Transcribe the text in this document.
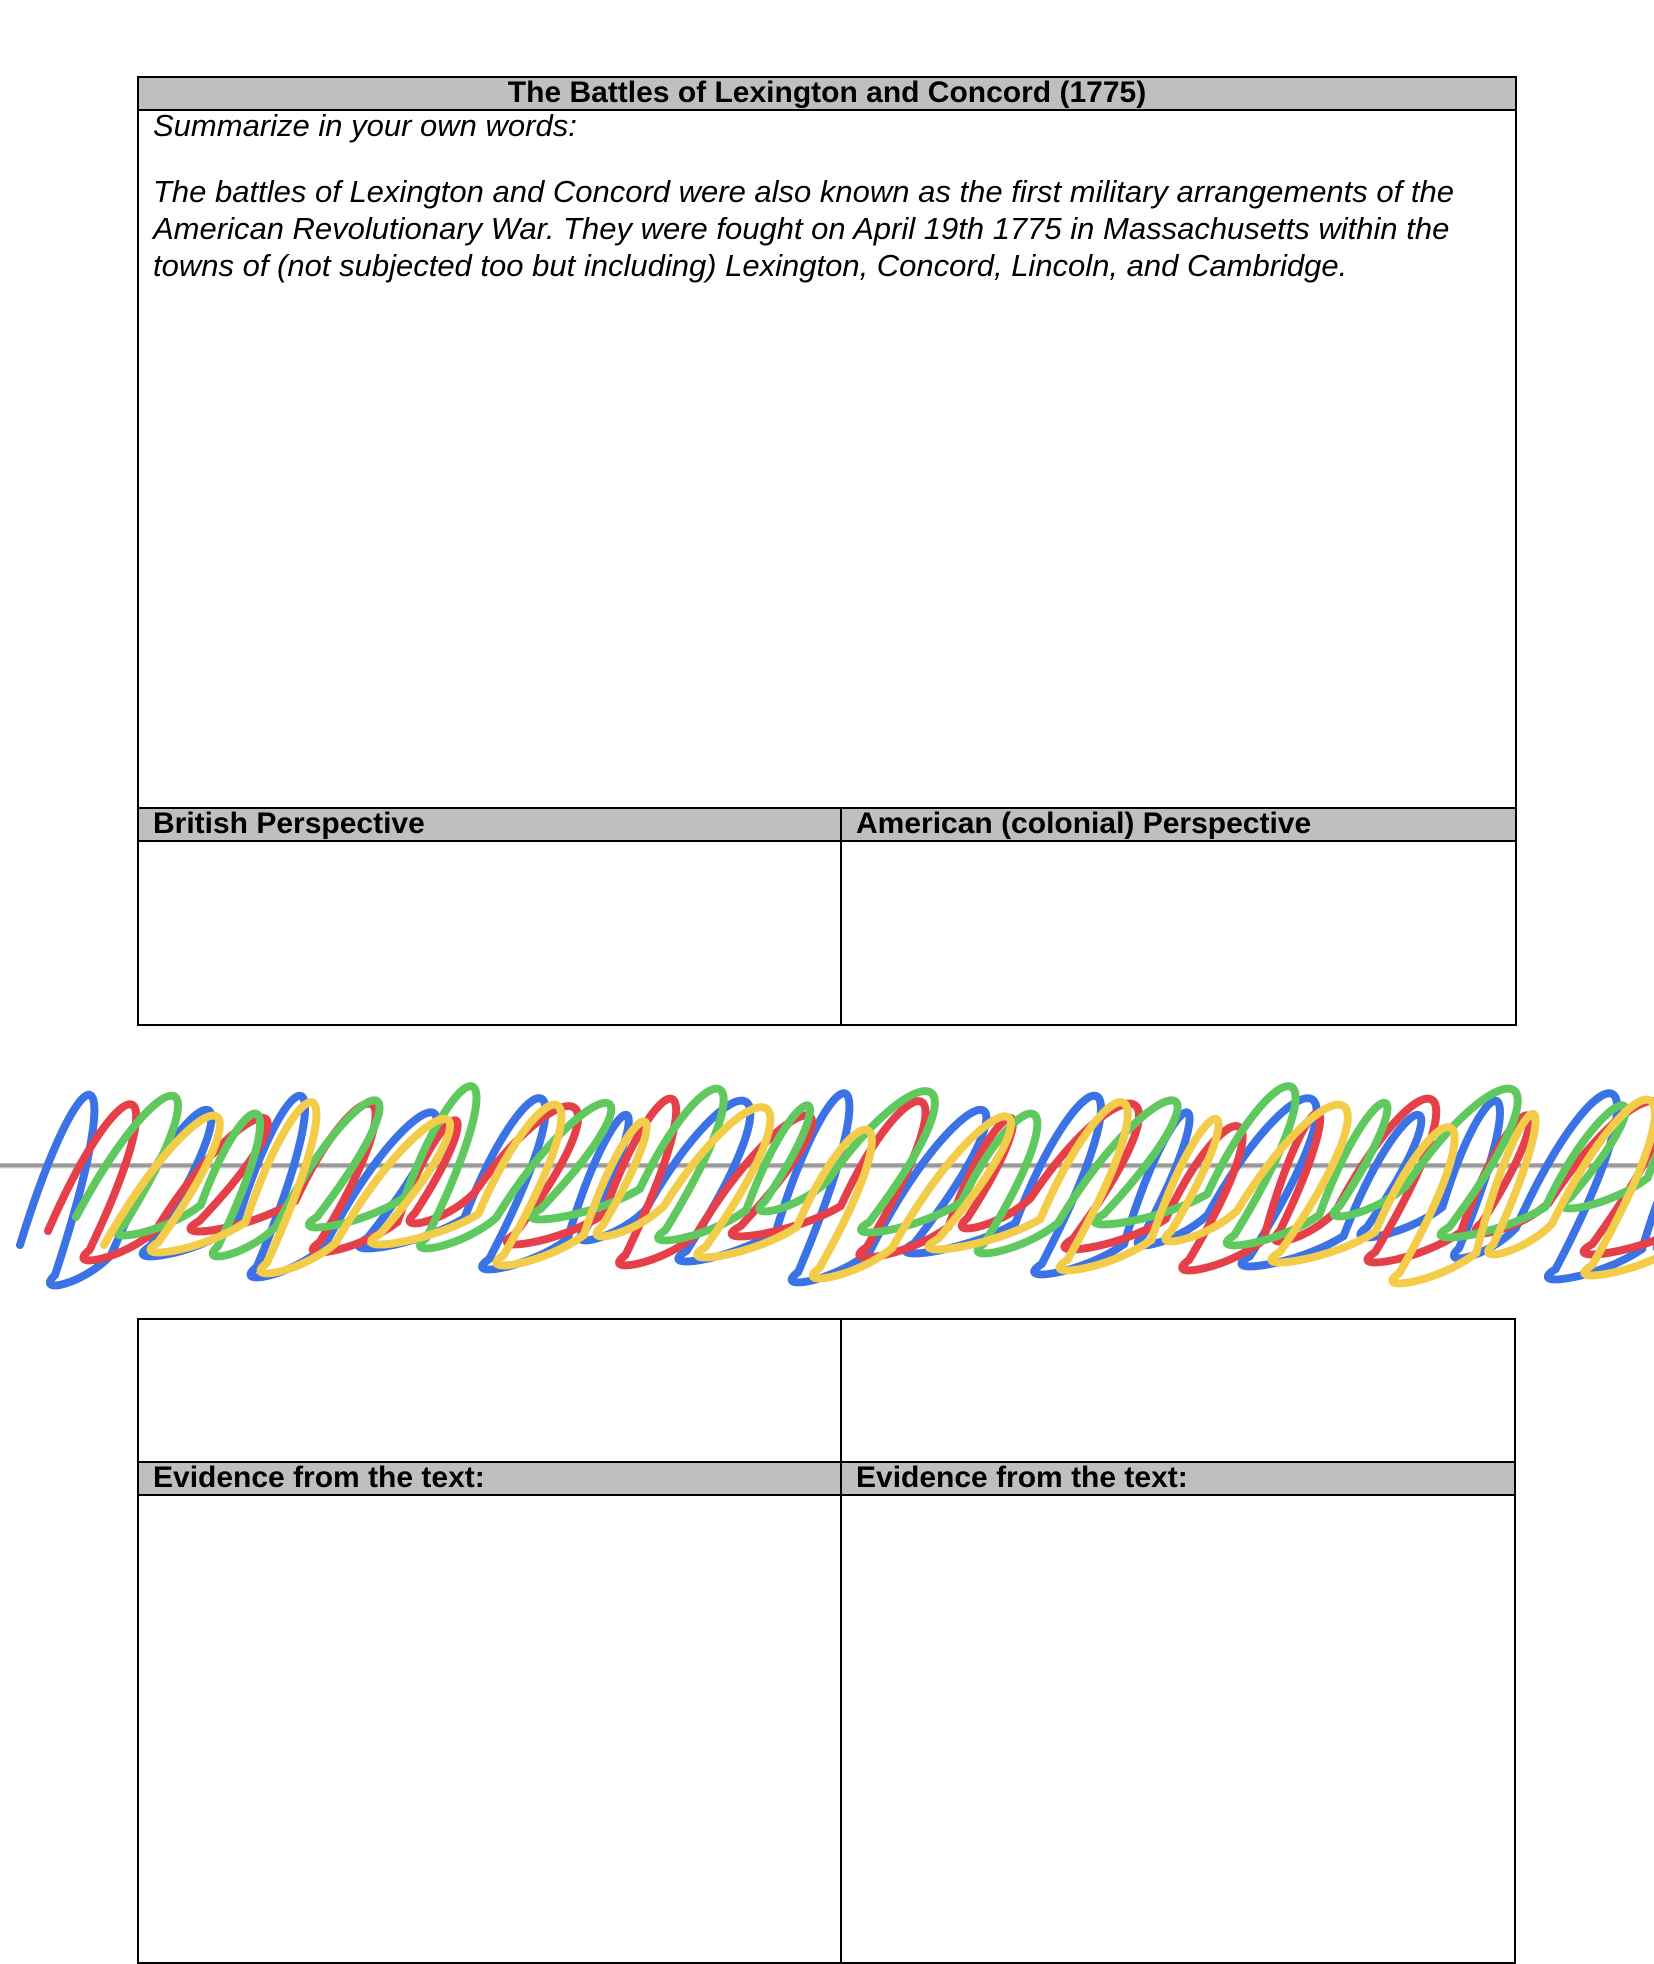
The Battles of Lexington and Concord (1775)

Summarize in your own words:

The battles of Lexington and Concord were also known as the first military arrangements of the American Revolutionary War. They were fought on April 19th 1775 in Massachusetts within the towns of (not subjected too but including) Lexington, Concord, Lincoln, and Cambridge.

British Perspective	American (colonial) Perspective
Evidence from the text:	Evidence from the text:
